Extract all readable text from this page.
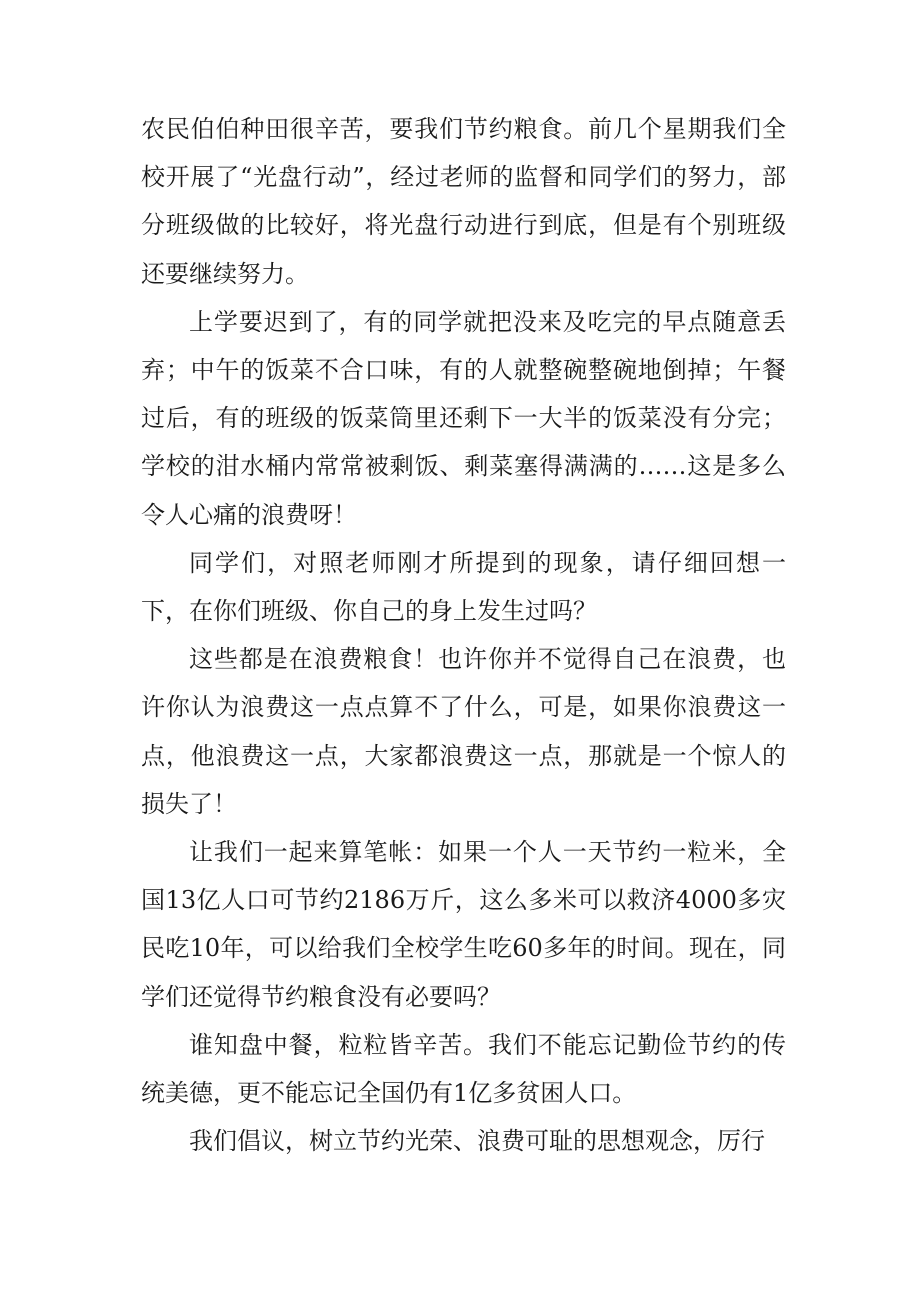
农民伯伯种田很辛苦，要我们节约粮食。前几个星期我们全校开展了“光盘行动”，经过老师的监督和同学们的努力，部分班级做的比较好，将光盘行动进行到底，但是有个别班级还要继续努力。

上学要迟到了，有的同学就把没来及吃完的早点随意丢弃；中午的饭菜不合口味，有的人就整碗整碗地倒掉；午餐过后，有的班级的饭菜筒里还剩下一大半的饭菜没有分完；学校的泔水桶内常常被剩饭、剩菜塞得满满的……这是多么令人心痛的浪费呀！

同学们，对照老师刚才所提到的现象，请仔细回想一下，在你们班级、你自己的身上发生过吗？

这些都是在浪费粮食！也许你并不觉得自己在浪费，也许你认为浪费这一点点算不了什么，可是，如果你浪费这一点，他浪费这一点，大家都浪费这一点，那就是一个惊人的损失了！

让我们一起来算笔帐：如果一个人一天节约一粒米，全国13亿人口可节约2186万斤，这么多米可以救济4000多灾民吃10年，可以给我们全校学生吃60多年的时间。现在，同学们还觉得节约粮食没有必要吗？

谁知盘中餐，粒粒皆辛苦。我们不能忘记勤俭节约的传统美德，更不能忘记全国仍有1亿多贫困人口。

我们倡议，树立节约光荣、浪费可耻的思想观念，厉行
